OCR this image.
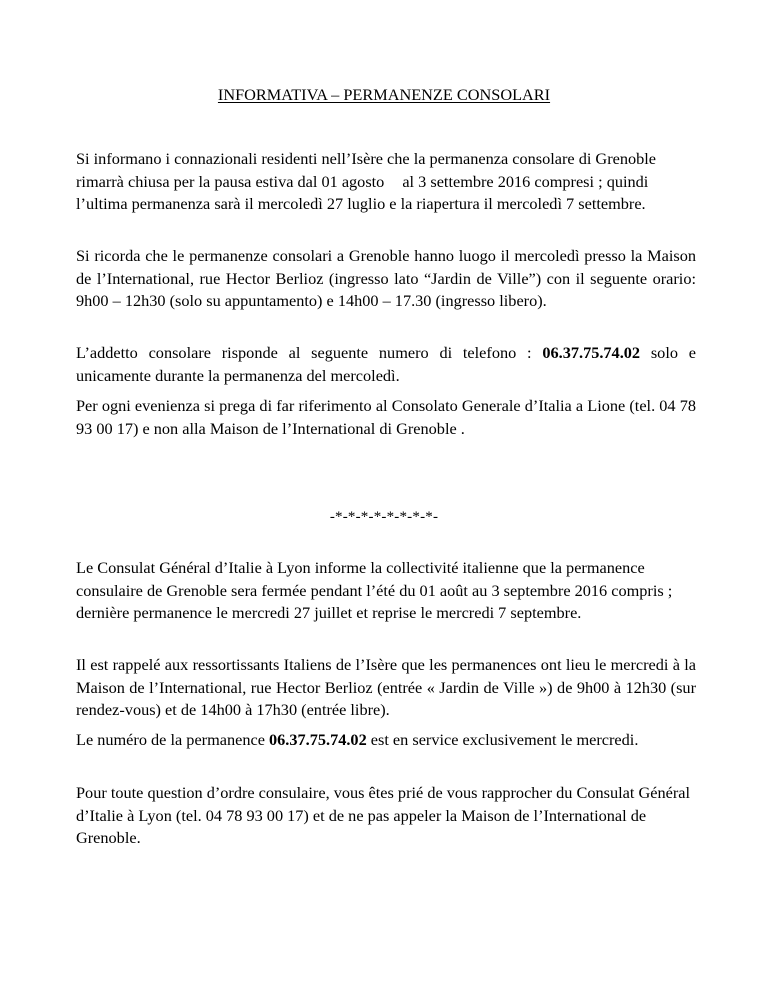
INFORMATIVA – PERMANENZE CONSOLARI

Si informano i connazionali residenti nell’Isère che la permanenza consolare di Grenoble rimarrà chiusa per la pausa estiva dal 01 agosto al 3 settembre 2016 compresi ; quindi l’ultima permanenza sarà il mercoledì 27 luglio e la riapertura il mercoledì 7 settembre.

Si ricorda che le permanenze consolari a Grenoble hanno luogo il mercoledì presso la Maison de l’International, rue Hector Berlioz (ingresso lato “Jardin de Ville”) con il seguente orario: 9h00 – 12h30 (solo su appuntamento) e 14h00 – 17.30 (ingresso libero).

L’addetto consolare risponde al seguente numero di telefono : 06.37.75.74.02 solo e unicamente durante la permanenza del mercoledì.

Per ogni evenienza si prega di far riferimento al Consolato Generale d’Italia a Lione (tel. 04 78 93 00 17) e non alla Maison de l’International di Grenoble .

-*-*-*-*-*-*-*-*-

Le Consulat Général d’Italie à Lyon informe la collectivité italienne que la permanence consulaire de Grenoble sera fermée pendant l’été du 01 août au 3 septembre 2016 compris ; dernière permanence le mercredi 27 juillet et reprise le mercredi 7 septembre.

Il est rappelé aux ressortissants Italiens de l’Isère que les permanences ont lieu le mercredi à la Maison de l’International, rue Hector Berlioz (entrée « Jardin de Ville ») de 9h00 à 12h30 (sur rendez-vous) et de 14h00 à 17h30 (entrée libre).

Le numéro de la permanence 06.37.75.74.02 est en service exclusivement le mercredi.

Pour toute question d’ordre consulaire, vous êtes prié de vous rapprocher du Consulat Général d’Italie à Lyon (tel. 04 78 93 00 17) et de ne pas appeler la Maison de l’International de Grenoble.
